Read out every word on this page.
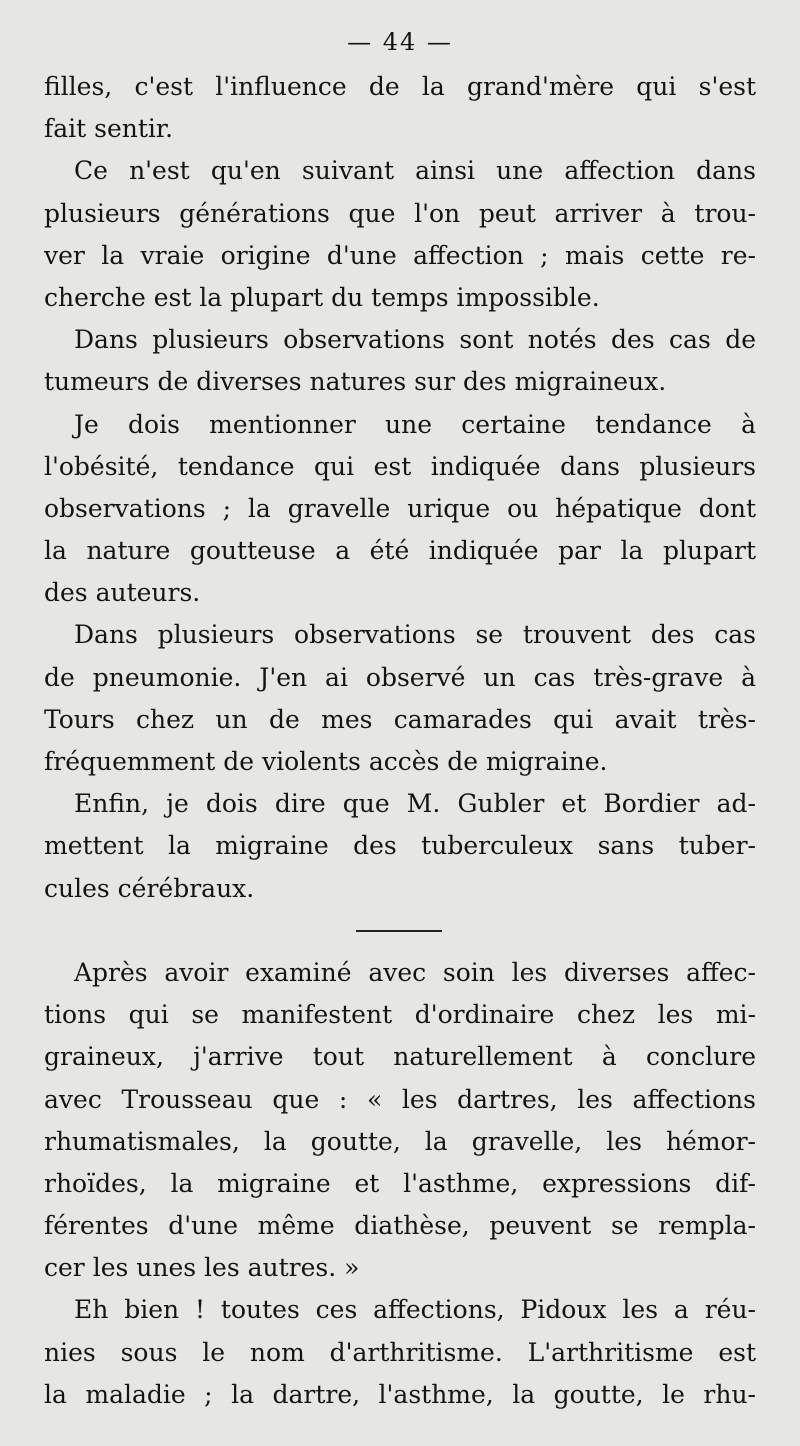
— 44 —
filles, c'est l'influence de la grand'mère qui s'est
fait sentir.
Ce n'est qu'en suivant ainsi une affection dans
plusieurs générations que l'on peut arriver à trou-
ver la vraie origine d'une affection ; mais cette re-
cherche est la plupart du temps impossible.
Dans plusieurs observations sont notés des cas de
tumeurs de diverses natures sur des migraineux.
Je dois mentionner une certaine tendance à
l'obésité, tendance qui est indiquée dans plusieurs
observations ; la gravelle urique ou hépatique dont
la nature goutteuse a été indiquée par la plupart
des auteurs.
Dans plusieurs observations se trouvent des cas
de pneumonie. J'en ai observé un cas très-grave à
Tours chez un de mes camarades qui avait très-
fréquemment de violents accès de migraine.
Enfin, je dois dire que M. Gubler et Bordier ad-
mettent la migraine des tuberculeux sans tuber-
cules cérébraux.
Après avoir examiné avec soin les diverses affec-
tions qui se manifestent d'ordinaire chez les mi-
graineux, j'arrive tout naturellement à conclure
avec Trousseau que : « les dartres, les affections
rhumatismales, la goutte, la gravelle, les hémor-
rhoïdes, la migraine et l'asthme, expressions dif-
férentes d'une même diathèse, peuvent se rempla-
cer les unes les autres. »
Eh bien ! toutes ces affections, Pidoux les a réu-
nies sous le nom d'arthritisme. L'arthritisme est
la maladie ; la dartre, l'asthme, la goutte, le rhu-
